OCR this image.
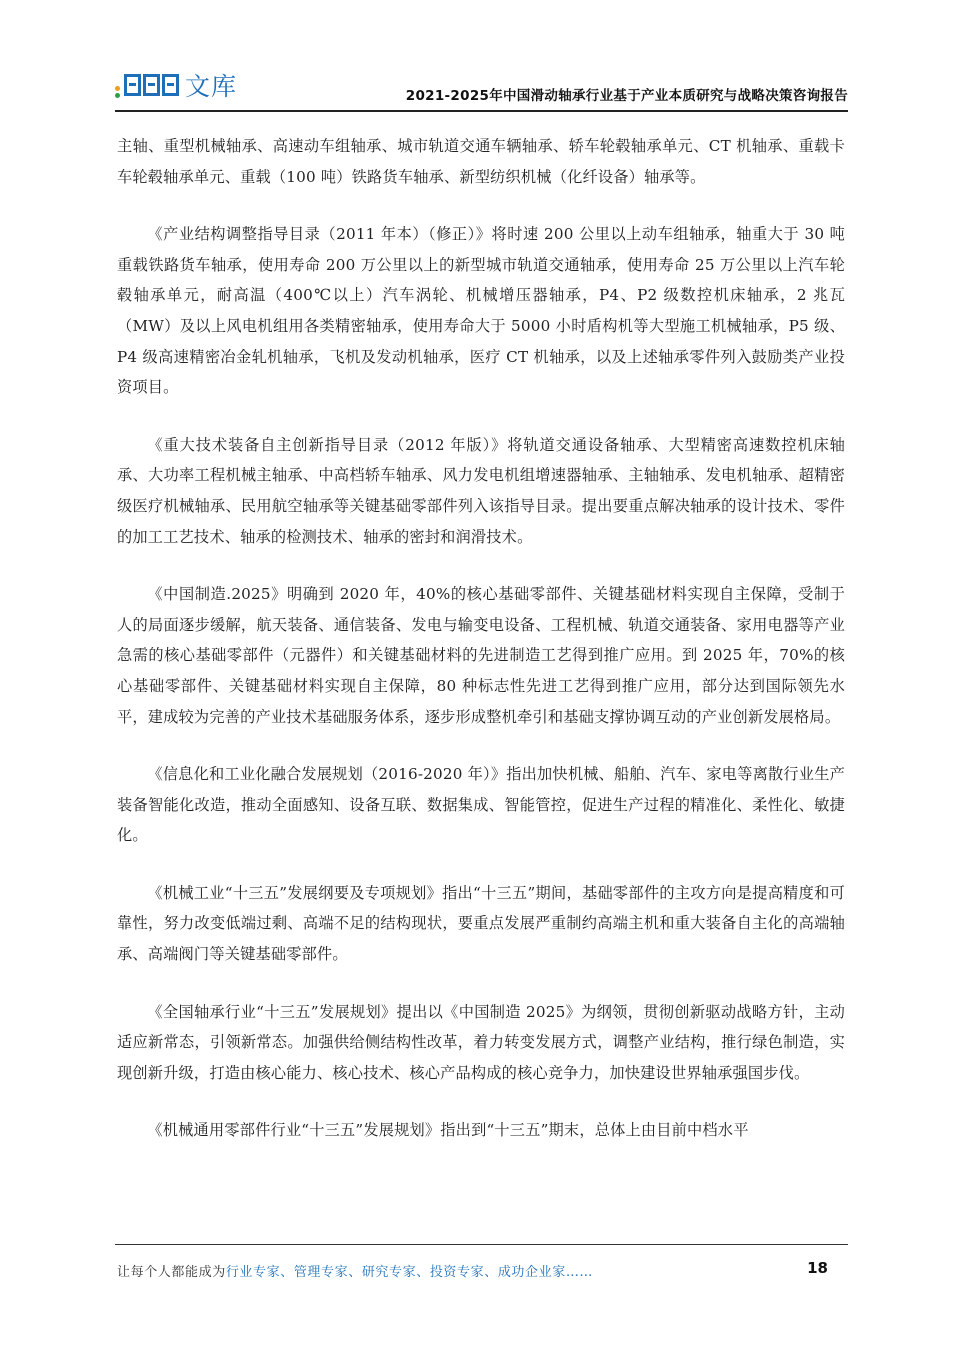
文库	2021-2025年中国滑动轴承行业基于产业本质研究与战略决策咨询报告

主轴、重型机械轴承、高速动车组轴承、城市轨道交通车辆轴承、轿车轮毂轴承单元、CT 机轴承、重载卡车轮毂轴承单元、重载（100 吨）铁路货车轴承、新型纺织机械（化纤设备）轴承等。

《产业结构调整指导目录（2011 年本）（修正）》将时速 200 公里以上动车组轴承，轴重大于 30 吨重载铁路货车轴承，使用寿命 200 万公里以上的新型城市轨道交通轴承，使用寿命 25 万公里以上汽车轮毂轴承单元，耐高温（400℃以上）汽车涡轮、机械增压器轴承，P4、P2 级数控机床轴承，2 兆瓦（MW）及以上风电机组用各类精密轴承，使用寿命大于 5000 小时盾构机等大型施工机械轴承，P5 级、P4 级高速精密冶金轧机轴承，飞机及发动机轴承，医疗 CT 机轴承，以及上述轴承零件列入鼓励类产业投资项目。

《重大技术装备自主创新指导目录（2012 年版）》将轨道交通设备轴承、大型精密高速数控机床轴承、大功率工程机械主轴承、中高档轿车轴承、风力发电机组增速器轴承、主轴轴承、发电机轴承、超精密级医疗机械轴承、民用航空轴承等关键基础零部件列入该指导目录。提出要重点解决轴承的设计技术、零件的加工工艺技术、轴承的检测技术、轴承的密封和润滑技术。

《中国制造.2025》明确到 2020 年，40%的核心基础零部件、关键基础材料实现自主保障，受制于人的局面逐步缓解，航天装备、通信装备、发电与输变电设备、工程机械、轨道交通装备、家用电器等产业急需的核心基础零部件（元器件）和关键基础材料的先进制造工艺得到推广应用。到 2025 年，70%的核心基础零部件、关键基础材料实现自主保障，80 种标志性先进工艺得到推广应用，部分达到国际领先水平，建成较为完善的产业技术基础服务体系，逐步形成整机牵引和基础支撑协调互动的产业创新发展格局。

《信息化和工业化融合发展规划（2016-2020 年）》指出加快机械、船舶、汽车、家电等离散行业生产装备智能化改造，推动全面感知、设备互联、数据集成、智能管控，促进生产过程的精准化、柔性化、敏捷化。

《机械工业“十三五”发展纲要及专项规划》指出“十三五”期间，基础零部件的主攻方向是提高精度和可靠性，努力改变低端过剩、高端不足的结构现状，要重点发展严重制约高端主机和重大装备自主化的高端轴承、高端阀门等关键基础零部件。

《全国轴承行业“十三五”发展规划》提出以《中国制造 2025》为纲领，贯彻创新驱动战略方针，主动适应新常态，引领新常态。加强供给侧结构性改革，着力转变发展方式，调整产业结构，推行绿色制造，实现创新升级，打造由核心能力、核心技术、核心产品构成的核心竞争力，加快建设世界轴承强国步伐。

《机械通用零部件行业“十三五”发展规划》指出到“十三五”期末，总体上由目前中档水平

让每个人都能成为行业专家、管理专家、研究专家、投资专家、成功企业家……	18
